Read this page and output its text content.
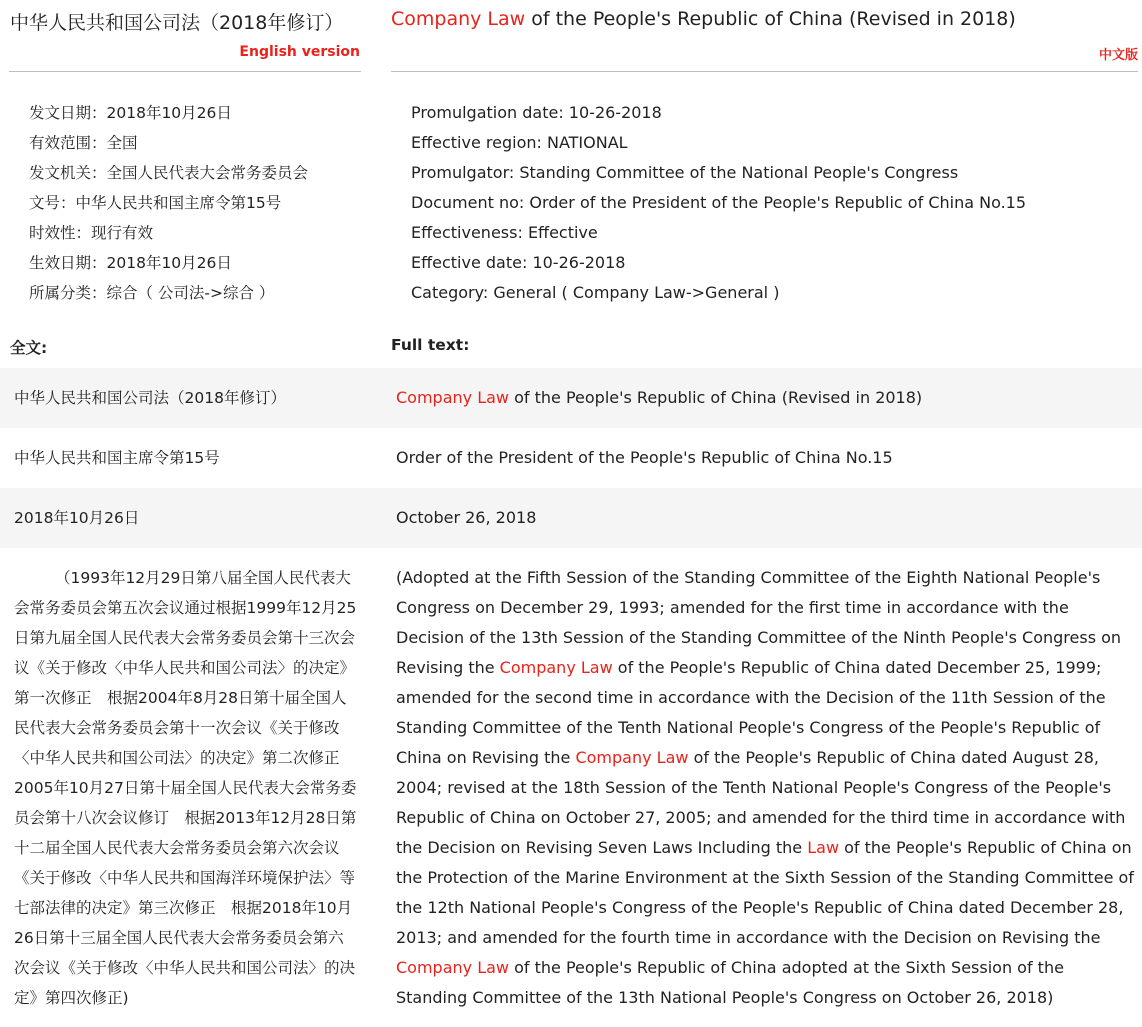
中华人民共和国公司法（2018年修订）
English version
发文日期：2018年10月26日
有效范围：全国
发文机关：全国人民代表大会常务委员会
文号：中华人民共和国主席令第15号
时效性：现行有效
生效日期：2018年10月26日
所属分类：综合（ 公司法->综合 ）
全文:
Company Law of the People's Republic of China (Revised in 2018)
中文版
Promulgation date: 10-26-2018
Effective region: NATIONAL
Promulgator: Standing Committee of the National People's Congress
Document no: Order of the President of the People's Republic of China No.15
Effectiveness: Effective
Effective date: 10-26-2018
Category: General ( Company Law->General )
Full text:
中华人民共和国公司法（2018年修订）	Company Law of the People's Republic of China (Revised in 2018)
中华人民共和国主席令第15号	Order of the President of the People's Republic of China No.15
2018年10月26日	October 26, 2018
（1993年12月29日第八届全国人民代表大会常务委员会第五次会议通过根据1999年12月25日第九届全国人民代表大会常务委员会第十三次会议《关于修改〈中华人民共和国公司法〉的决定》第一次修正　根据2004年8月28日第十届全国人民代表大会常务委员会第十一次会议《关于修改〈中华人民共和国公司法〉的决定》第二次修正　2005年10月27日第十届全国人民代表大会常务委员会第十八次会议修订　根据2013年12月28日第十二届全国人民代表大会常务委员会第六次会议《关于修改〈中华人民共和国海洋环境保护法〉等七部法律的决定》第三次修正　根据2018年10月26日第十三届全国人民代表大会常务委员会第六次会议《关于修改〈中华人民共和国公司法〉的决定》第四次修正)
(Adopted at the Fifth Session of the Standing Committee of the Eighth National People's Congress on December 29, 1993; amended for the first time in accordance with the Decision of the 13th Session of the Standing Committee of the Ninth People's Congress on Revising the Company Law of the People's Republic of China dated December 25, 1999; amended for the second time in accordance with the Decision of the 11th Session of the Standing Committee of the Tenth National People's Congress of the People's Republic of China on Revising the Company Law of the People's Republic of China dated August 28, 2004; revised at the 18th Session of the Tenth National People's Congress of the People's Republic of China on October 27, 2005; and amended for the third time in accordance with the Decision on Revising Seven Laws Including the Law of the People's Republic of China on the Protection of the Marine Environment at the Sixth Session of the Standing Committee of the 12th National People's Congress of the People's Republic of China dated December 28, 2013; and amended for the fourth time in accordance with the Decision on Revising the Company Law of the People's Republic of China adopted at the Sixth Session of the Standing Committee of the 13th National People's Congress on October 26, 2018)
